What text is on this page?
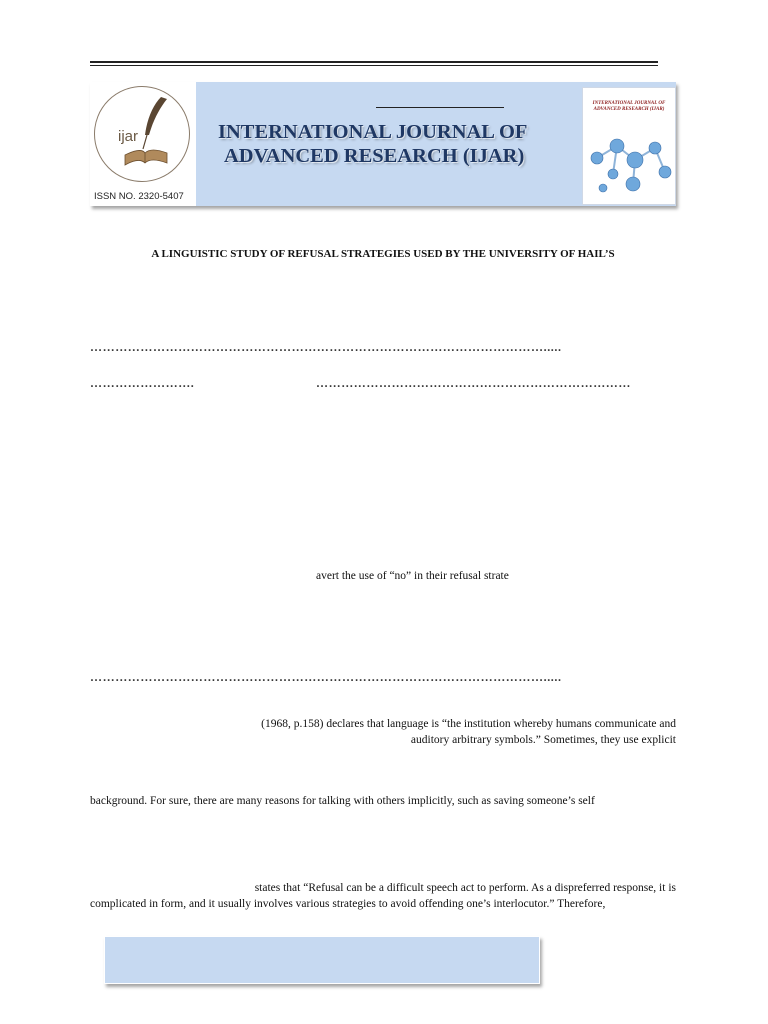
ijar
ISSN NO. 2320-5407
INTERNATIONAL JOURNAL OF
ADVANCED RESEARCH (IJAR)
INTERNATIONAL JOURNAL OF ADVANCED RESEARCH (IJAR)
A LINGUISTIC STUDY OF REFUSAL STRATEGIES USED BY THE UNIVERSITY OF HAIL’S
……………………………………………………………………………………………….....
…………………….	…………………………………………………………………
avert the use of “no” in their refusal strate
……………………………………………………………………………………………….....
(1968, p.158) declares that language is “the institution whereby humans communicate and
auditory arbitrary symbols.” Sometimes, they use explicit
background. For sure, there are many reasons for talking with others implicitly, such as saving someone’s self
states that “Refusal can be a difficult speech act to perform. As a dispreferred response, it is
complicated in form, and it usually involves various strategies to avoid offending one’s interlocutor.” Therefore,
